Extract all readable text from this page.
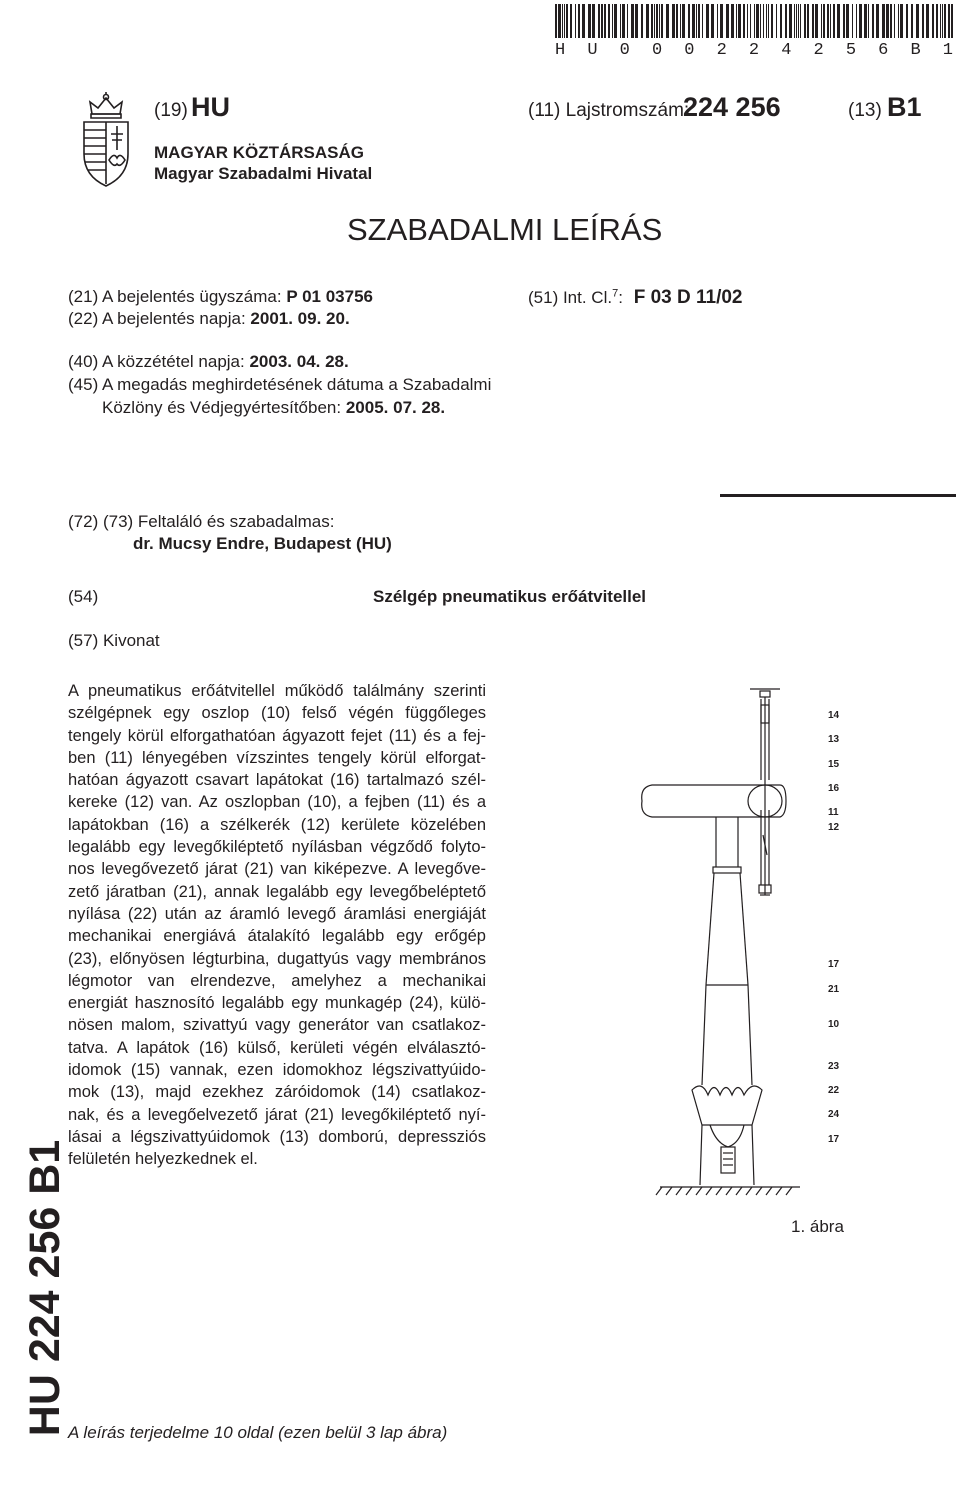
H U 0 0 0 2 2 4 2 5 6 B 1
(19) HU	(11) Lajstromszám:
224 256	(13) B1
MAGYAR KÖZTÁRSASÁG
Magyar Szabadalmi Hivatal
SZABADALMI LEÍRÁS
(21) A bejelentés ügyszáma: P 01 03756
(22) A bejelentés napja: 2001. 09. 20.
(51) Int. Cl.$^7$: F 03 D 11/02
(40) A közzététel napja: 2003. 04. 28.
(45) A megadás meghirdetésének dátuma a Szabadalmi
Közlöny és Védjegyértesítőben: 2005. 07. 28.
(72) (73) Feltaláló és szabadalmas:
dr. Mucsy Endre, Budapest (HU)
(54)	Szélgép pneumatikus erőátvitellel
(57) Kivonat
A pneumatikus erőátvitellel működő találmány szerinti
szélgépnek egy oszlop (10) felső végén függőleges
tengely körül elforgathatóan ágyazott fejet (11) és a fej-
ben (11) lényegében vízszintes tengely körül elforgat-
hatóan ágyazott csavart lapátokat (16) tartalmazó szél-
kereke (12) van. Az oszlopban (10), a fejben (11) és a
lapátokban (16) a szélkerék (12) kerülete közelében
legalább egy levegőkiléptető nyílásban végződő folyto-
nos levegővezető járat (21) van kiképezve. A levegőve-
zető járatban (21), annak legalább egy levegőbeléptető
nyílása (22) után az áramló levegő áramlási energiáját
mechanikai energiává átalakító legalább egy erőgép
(23), előnyösen légturbina, dugattyús vagy membrános
légmotor van elrendezve, amelyhez a mechanikai
energiát hasznosító legalább egy munkagép (24), külö-
nösen malom, szivattyú vagy generátor van csatlakoz-
tatva. A lapátok (16) külső, kerületi végén elválasztó-
idomok (15) vannak, ezen idomokhoz légszivattyúido-
mok (13), majd ezekhez záróidomok (14) csatlakoz-
nak, és a levegőelvezető járat (21) levegőkiléptető nyí-
lásai a légszivattyúidomok (13) domború, depressziós
felületén helyezkednek el.
14
13
15
16
11
12
17
21
10
23
22
24
17
1. ábra
HU 224 256 B1 A leírás terjedelme 10 oldal (ezen belül 3 lap ábra)
